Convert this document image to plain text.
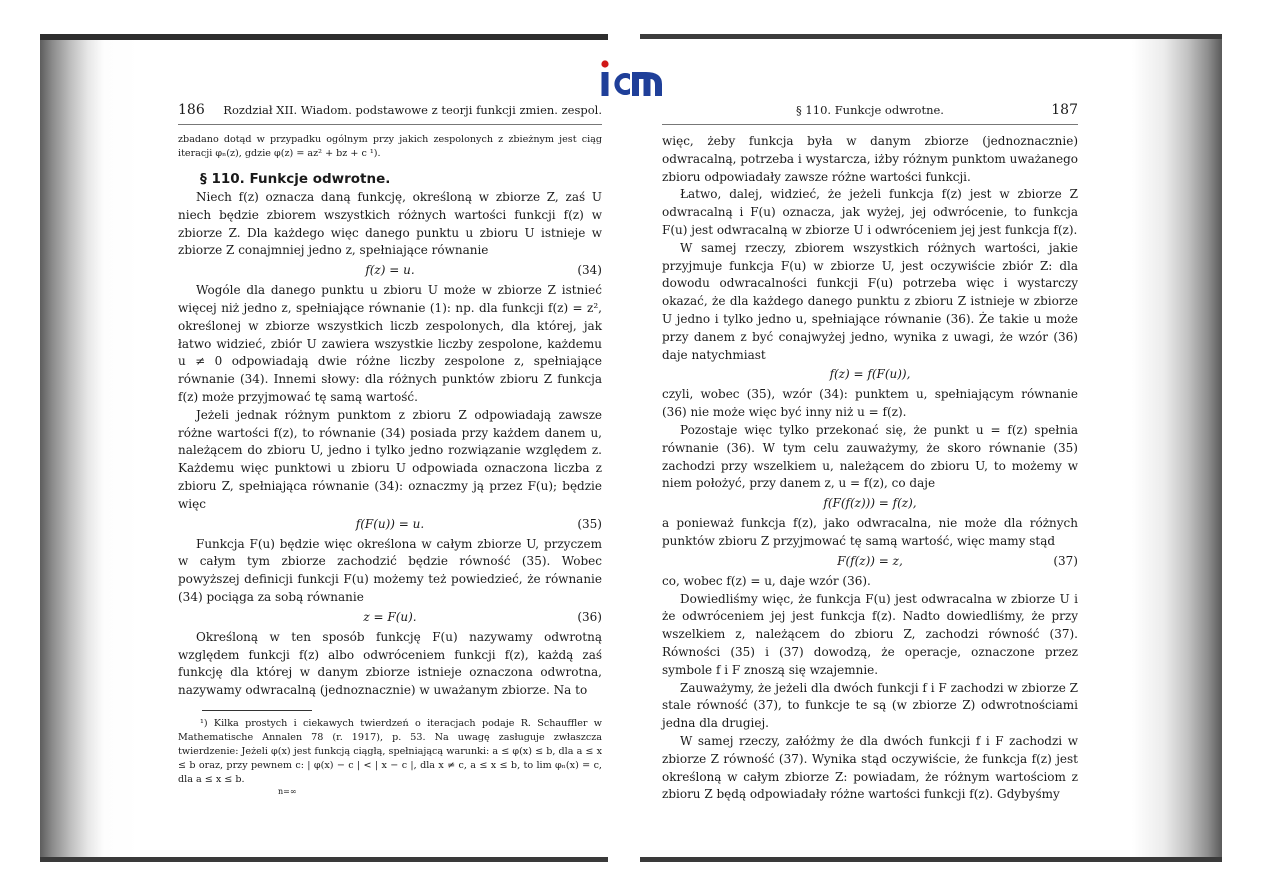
186 Rozdział XII. Wiadom. podstawowe z teorji funkcji zmien. zespol.

zbadano dotąd w przypadku ogólnym przy jakich zespolonych z zbieżnym jest ciąg iteracji φₙ(z), gdzie φ(z) = az² + bz + c ¹).

§ 110. Funkcje odwrotne.

Niech f(z) oznacza daną funkcję, określoną w zbiorze Z, zaś U niech będzie zbiorem wszystkich różnych wartości funkcji f(z) w zbiorze Z. Dla każdego więc danego punktu u zbioru U istnieje w zbiorze Z conajmniej jedno z, spełniające równanie

f(z) = u.	(34)

Wogóle dla danego punktu u zbioru U może w zbiorze Z istnieć więcej niż jedno z, spełniające równanie (1): np. dla funkcji f(z) = z², określonej w zbiorze wszystkich liczb zespolonych, dla której, jak łatwo widzieć, zbiór U zawiera wszystkie liczby zespolone, każdemu u ≠ 0 odpowiadają dwie różne liczby zespolone z, spełniające równanie (34). Innemi słowy: dla różnych punktów zbioru Z funkcja f(z) może przyjmować tę samą wartość.

Jeżeli jednak różnym punktom z zbioru Z odpowiadają zawsze różne wartości f(z), to równanie (34) posiada przy każdem danem u, należącem do zbioru U, jedno i tylko jedno rozwiązanie względem z. Każdemu więc punktowi u zbioru U odpowiada oznaczona liczba z zbioru Z, spełniająca równanie (34): oznaczmy ją przez F(u); będzie więc

f(F(u)) = u.	(35)

Funkcja F(u) będzie więc określona w całym zbiorze U, przyczem w całym tym zbiorze zachodzić będzie równość (35). Wobec powyższej definicji funkcji F(u) możemy też powiedzieć, że równanie (34) pociąga za sobą równanie

z = F(u).	(36)

Określoną w ten sposób funkcję F(u) nazywamy odwrotną względem funkcji f(z) albo odwróceniem funkcji f(z), każdą zaś funkcję dla której w danym zbiorze istnieje oznaczona odwrotna, nazywamy odwracalną (jednoznacznie) w uważanym zbiorze. Na to

¹) Kilka prostych i ciekawych twierdzeń o iteracjach podaje R. Schauffler w Mathematische Annalen 78 (r. 1917), p. 53. Na uwagę zasługuje zwłaszcza twierdzenie: Jeżeli φ(x) jest funkcją ciągłą, spełniającą warunki: a ≤ φ(x) ≤ b, dla a ≤ x ≤ b oraz, przy pewnem c: | φ(x) − c | < | x − c |, dla x ≠ c, a ≤ x ≤ b, to lim φₙ(x) = c, dla a ≤ x ≤ b.
n=∞
§ 110. Funkcje odwrotne.	187

więc, żeby funkcja była w danym zbiorze (jednoznacznie) odwracalną, potrzeba i wystarcza, iżby różnym punktom uważanego zbioru odpowiadały zawsze różne wartości funkcji.

Łatwo, dalej, widzieć, że jeżeli funkcja f(z) jest w zbiorze Z odwracalną i F(u) oznacza, jak wyżej, jej odwrócenie, to funkcja F(u) jest odwracalną w zbiorze U i odwróceniem jej jest funkcja f(z).

W samej rzeczy, zbiorem wszystkich różnych wartości, jakie przyjmuje funkcja F(u) w zbiorze U, jest oczywiście zbiór Z: dla dowodu odwracalności funkcji F(u) potrzeba więc i wystarczy okazać, że dla każdego danego punktu z zbioru Z istnieje w zbiorze U jedno i tylko jedno u, spełniające równanie (36). Że takie u może przy danem z być conajwyżej jedno, wynika z uwagi, że wzór (36) daje natychmiast

f(z) = f(F(u)),

czyli, wobec (35), wzór (34): punktem u, spełniającym równanie (36) nie może więc być inny niż u = f(z).

Pozostaje więc tylko przekonać się, że punkt u = f(z) spełnia równanie (36). W tym celu zauważymy, że skoro równanie (35) zachodzi przy wszelkiem u, należącem do zbioru U, to możemy w niem położyć, przy danem z, u = f(z), co daje

f(F(f(z))) = f(z),

a ponieważ funkcja f(z), jako odwracalna, nie może dla różnych punktów zbioru Z przyjmować tę samą wartość, więc mamy stąd

F(f(z)) = z,	(37)

co, wobec f(z) = u, daje wzór (36).

Dowiedliśmy więc, że funkcja F(u) jest odwracalna w zbiorze U i że odwróceniem jej jest funkcja f(z). Nadto dowiedliśmy, że przy wszelkiem z, należącem do zbioru Z, zachodzi równość (37). Równości (35) i (37) dowodzą, że operacje, oznaczone przez symbole f i F znoszą się wzajemnie.

Zauważymy, że jeżeli dla dwóch funkcji f i F zachodzi w zbiorze Z stale równość (37), to funkcje te są (w zbiorze Z) odwrotnościami jedna dla drugiej.

W samej rzeczy, załóżmy że dla dwóch funkcji f i F zachodzi w zbiorze Z równość (37). Wynika stąd oczywiście, że funkcja f(z) jest określoną w całym zbiorze Z: powiadam, że różnym wartościom z zbioru Z będą odpowiadały różne wartości funkcji f(z). Gdybyśmy
